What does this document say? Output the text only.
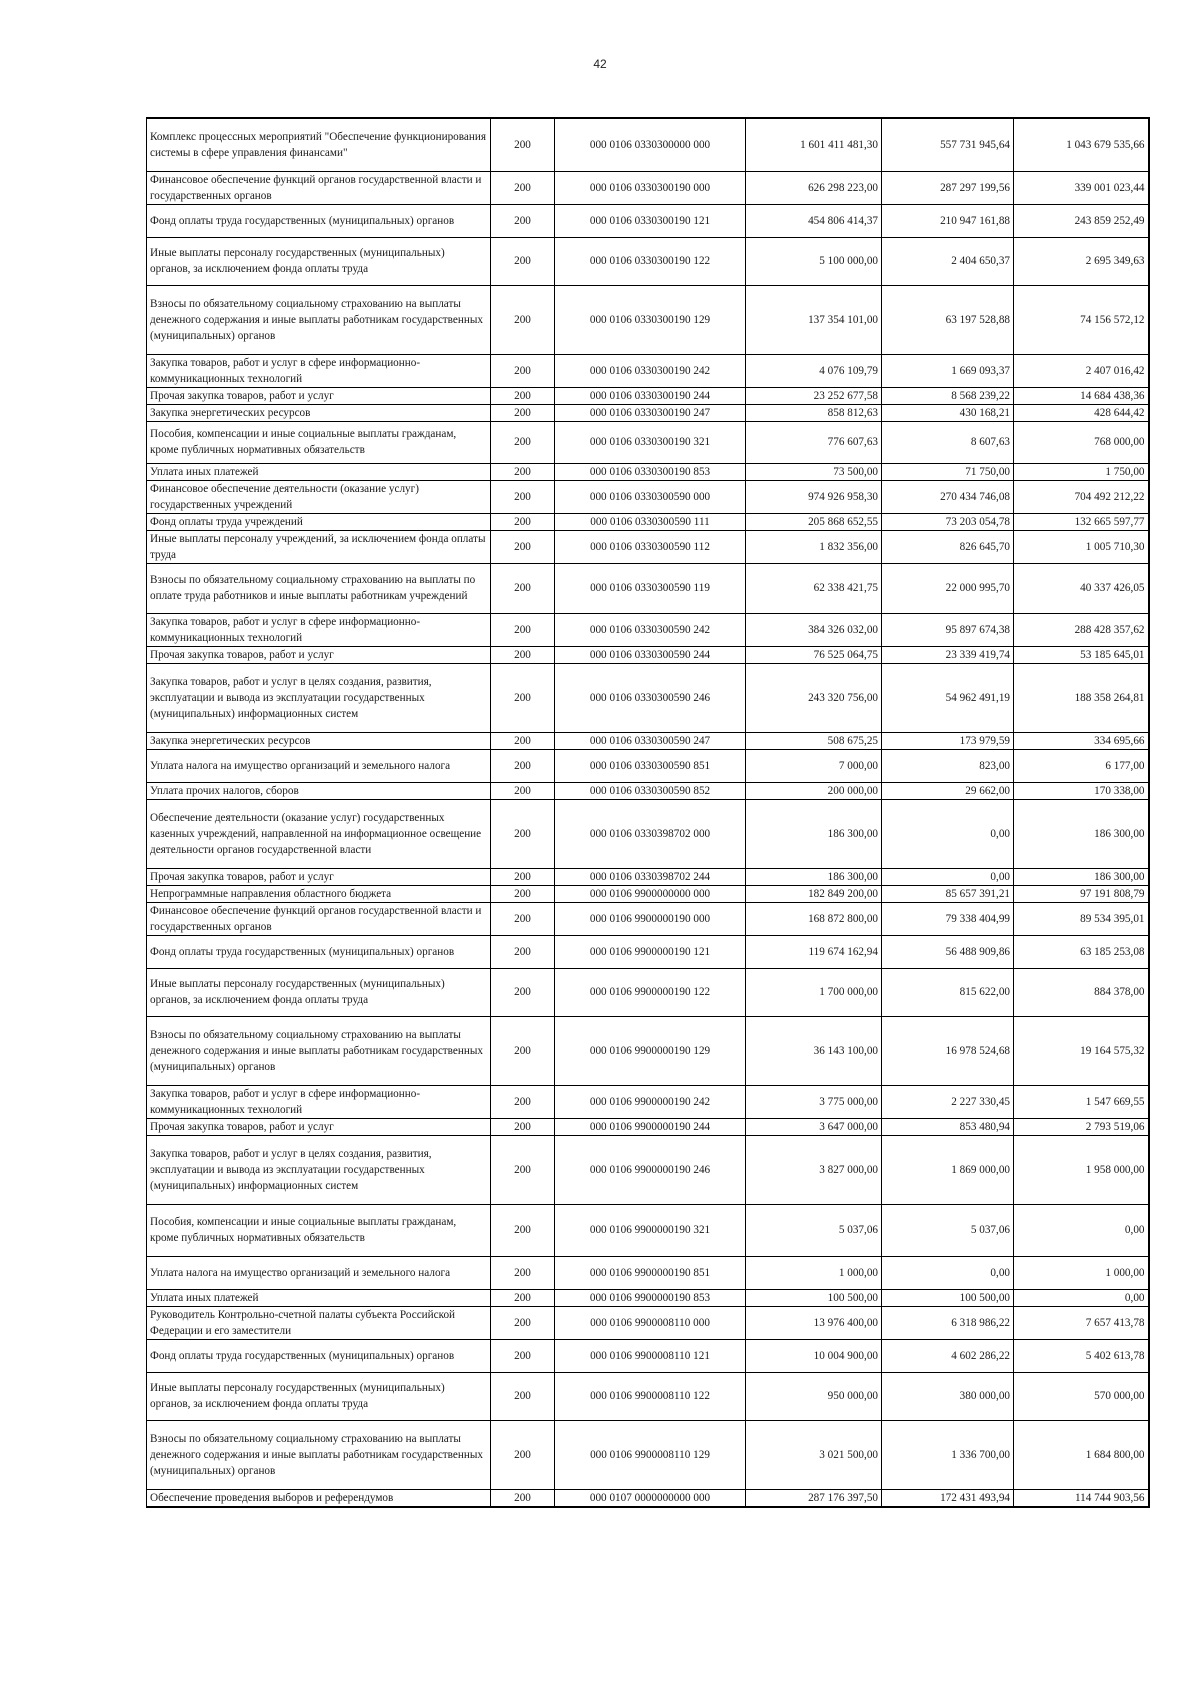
42
Комплекс процессных мероприятий "Обеспечение функционирования системы в сфере управления финансами"	200	000 0106 0330300000 000	1 601 411 481,30	557 731 945,64	1 043 679 535,66
Финансовое обеспечение функций органов государственной власти и государственных органов	200	000 0106 0330300190 000	626 298 223,00	287 297 199,56	339 001 023,44
Фонд оплаты труда государственных (муниципальных) органов	200	000 0106 0330300190 121	454 806 414,37	210 947 161,88	243 859 252,49
Иные выплаты персоналу государственных (муниципальных) органов, за исключением фонда оплаты труда	200	000 0106 0330300190 122	5 100 000,00	2 404 650,37	2 695 349,63
Взносы по обязательному социальному страхованию на выплаты денежного содержания и иные выплаты работникам государственных (муниципальных) органов	200	000 0106 0330300190 129	137 354 101,00	63 197 528,88	74 156 572,12
Закупка товаров, работ и услуг в сфере информационно-коммуникационных технологий	200	000 0106 0330300190 242	4 076 109,79	1 669 093,37	2 407 016,42
Прочая закупка товаров, работ и услуг	200	000 0106 0330300190 244	23 252 677,58	8 568 239,22	14 684 438,36
Закупка энергетических ресурсов	200	000 0106 0330300190 247	858 812,63	430 168,21	428 644,42
Пособия, компенсации и иные социальные выплаты гражданам, кроме публичных нормативных обязательств	200	000 0106 0330300190 321	776 607,63	8 607,63	768 000,00
Уплата иных платежей	200	000 0106 0330300190 853	73 500,00	71 750,00	1 750,00
Финансовое обеспечение деятельности (оказание услуг) государственных учреждений	200	000 0106 0330300590 000	974 926 958,30	270 434 746,08	704 492 212,22
Фонд оплаты труда учреждений	200	000 0106 0330300590 111	205 868 652,55	73 203 054,78	132 665 597,77
Иные выплаты персоналу учреждений, за исключением фонда оплаты труда	200	000 0106 0330300590 112	1 832 356,00	826 645,70	1 005 710,30
Взносы по обязательному социальному страхованию на выплаты по оплате труда работников и иные выплаты работникам учреждений	200	000 0106 0330300590 119	62 338 421,75	22 000 995,70	40 337 426,05
Закупка товаров, работ и услуг в сфере информационно-коммуникационных технологий	200	000 0106 0330300590 242	384 326 032,00	95 897 674,38	288 428 357,62
Прочая закупка товаров, работ и услуг	200	000 0106 0330300590 244	76 525 064,75	23 339 419,74	53 185 645,01
Закупка товаров, работ и услуг в целях создания, развития, эксплуатации и вывода из эксплуатации государственных (муниципальных) информационных систем	200	000 0106 0330300590 246	243 320 756,00	54 962 491,19	188 358 264,81
Закупка энергетических ресурсов	200	000 0106 0330300590 247	508 675,25	173 979,59	334 695,66
Уплата налога на имущество организаций и земельного налога	200	000 0106 0330300590 851	7 000,00	823,00	6 177,00
Уплата прочих налогов, сборов	200	000 0106 0330300590 852	200 000,00	29 662,00	170 338,00
Обеспечение деятельности (оказание услуг) государственных казенных учреждений, направленной на информационное освещение деятельности органов государственной власти	200	000 0106 0330398702 000	186 300,00	0,00	186 300,00
Прочая закупка товаров, работ и услуг	200	000 0106 0330398702 244	186 300,00	0,00	186 300,00
Непрограммные направления областного бюджета	200	000 0106 9900000000 000	182 849 200,00	85 657 391,21	97 191 808,79
Финансовое обеспечение функций органов государственной власти и государственных органов	200	000 0106 9900000190 000	168 872 800,00	79 338 404,99	89 534 395,01
Фонд оплаты труда государственных (муниципальных) органов	200	000 0106 9900000190 121	119 674 162,94	56 488 909,86	63 185 253,08
Иные выплаты персоналу государственных (муниципальных) органов, за исключением фонда оплаты труда	200	000 0106 9900000190 122	1 700 000,00	815 622,00	884 378,00
Взносы по обязательному социальному страхованию на выплаты денежного содержания и иные выплаты работникам государственных (муниципальных) органов	200	000 0106 9900000190 129	36 143 100,00	16 978 524,68	19 164 575,32
Закупка товаров, работ и услуг в сфере информационно-коммуникационных технологий	200	000 0106 9900000190 242	3 775 000,00	2 227 330,45	1 547 669,55
Прочая закупка товаров, работ и услуг	200	000 0106 9900000190 244	3 647 000,00	853 480,94	2 793 519,06
Закупка товаров, работ и услуг в целях создания, развития, эксплуатации и вывода из эксплуатации государственных (муниципальных) информационных систем	200	000 0106 9900000190 246	3 827 000,00	1 869 000,00	1 958 000,00
Пособия, компенсации и иные социальные выплаты гражданам, кроме публичных нормативных обязательств	200	000 0106 9900000190 321	5 037,06	5 037,06	0,00
Уплата налога на имущество организаций и земельного налога	200	000 0106 9900000190 851	1 000,00	0,00	1 000,00
Уплата иных платежей	200	000 0106 9900000190 853	100 500,00	100 500,00	0,00
Руководитель Контрольно-счетной палаты субъекта Российской Федерации и его заместители	200	000 0106 9900008110 000	13 976 400,00	6 318 986,22	7 657 413,78
Фонд оплаты труда государственных (муниципальных) органов	200	000 0106 9900008110 121	10 004 900,00	4 602 286,22	5 402 613,78
Иные выплаты персоналу государственных (муниципальных) органов, за исключением фонда оплаты труда	200	000 0106 9900008110 122	950 000,00	380 000,00	570 000,00
Взносы по обязательному социальному страхованию на выплаты денежного содержания и иные выплаты работникам государственных (муниципальных) органов	200	000 0106 9900008110 129	3 021 500,00	1 336 700,00	1 684 800,00
Обеспечение проведения выборов и референдумов	200	000 0107 0000000000 000	287 176 397,50	172 431 493,94	114 744 903,56
